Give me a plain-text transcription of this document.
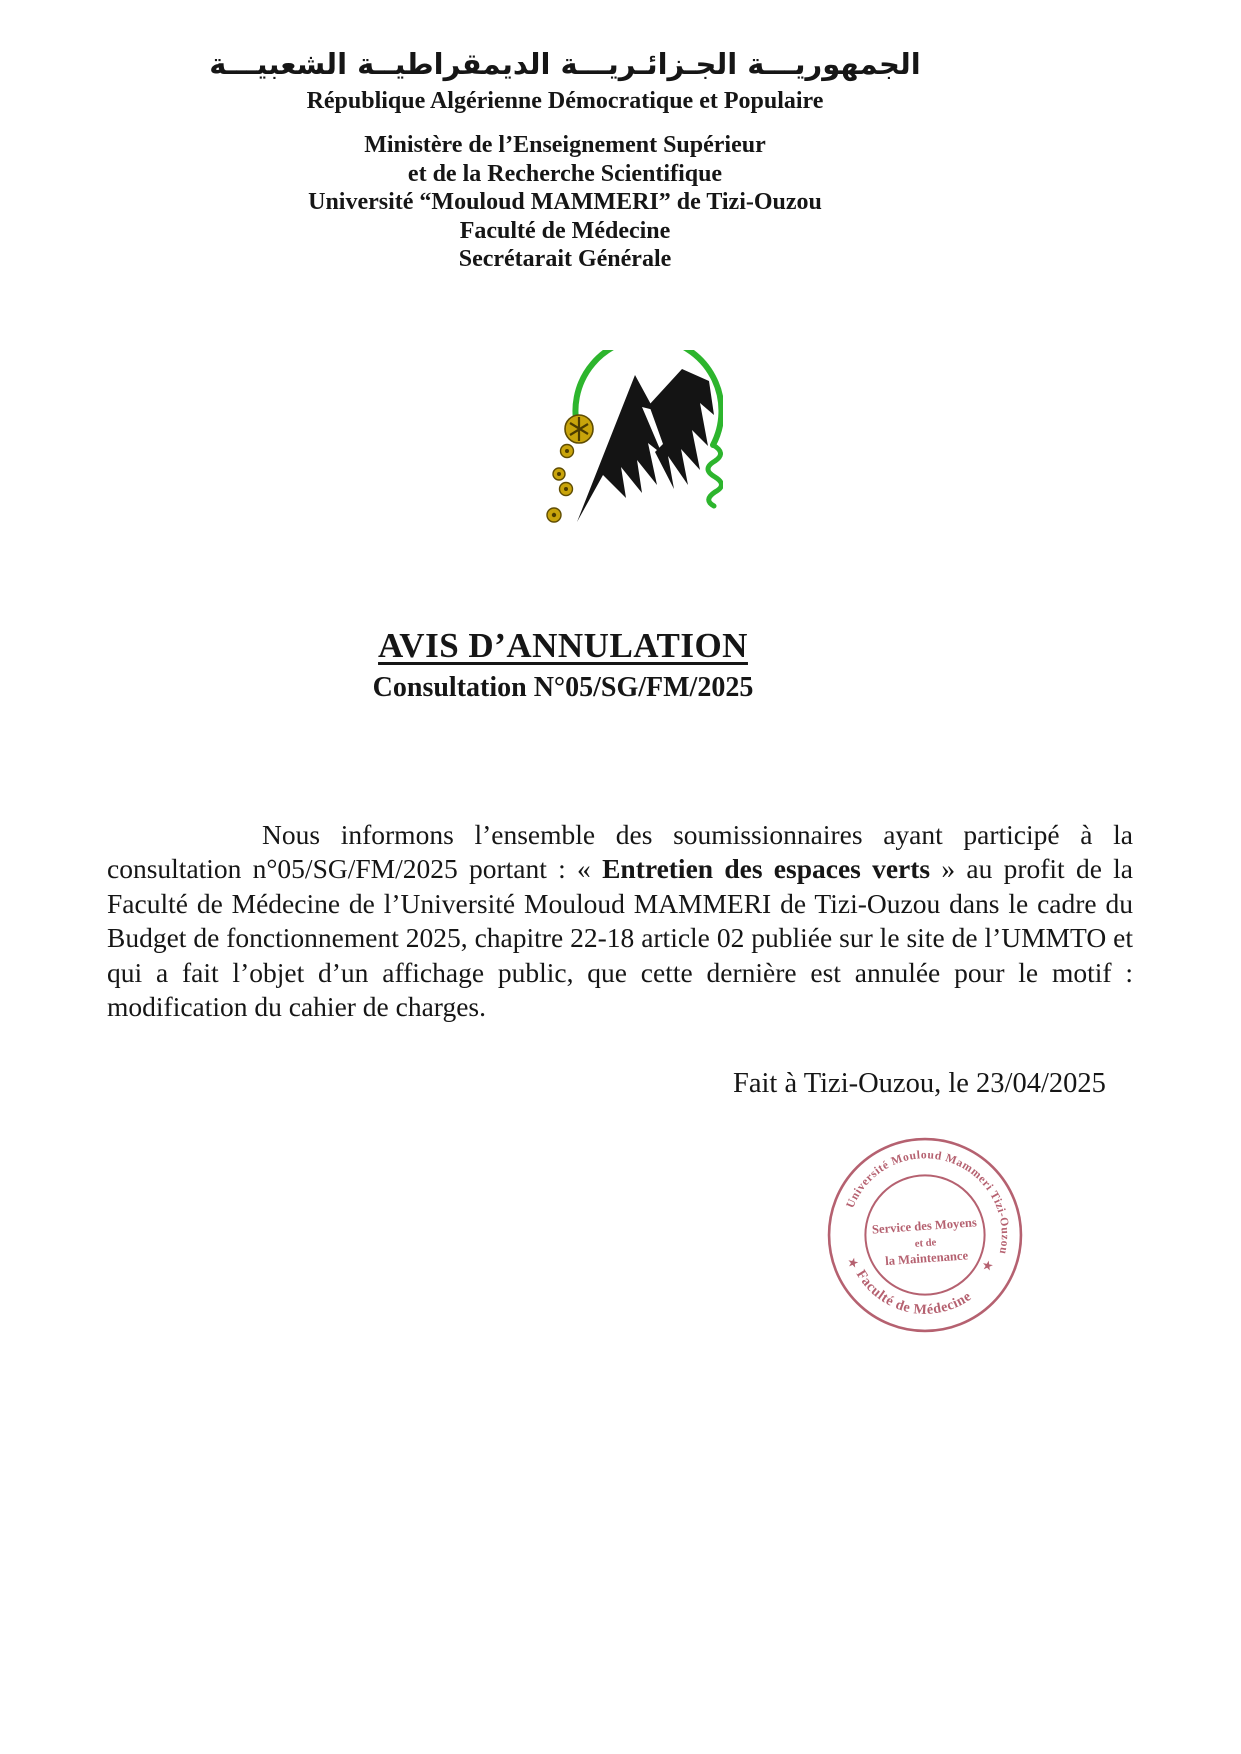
الجمهوريـــة الجـزائـريـــة الديمقراطيــة الشعبيـــة
République Algérienne Démocratique et Populaire
Ministère de l’Enseignement Supérieur
et de la Recherche Scientifique
Université “Mouloud MAMMERI” de Tizi-Ouzou
Faculté de Médecine
Secrétarait Générale
AVIS D’ANNULATION
Consultation N°05/SG/FM/2025

Nous informons l’ensemble des soumissionnaires ayant participé à la consultation n°05/SG/FM/2025 portant : « Entretien des espaces verts » au profit de la Faculté de Médecine de l’Université Mouloud MAMMERI de Tizi-Ouzou dans le cadre du Budget de fonctionnement 2025, chapitre 22-18 article 02 publiée sur le site de l’UMMTO et qui a fait l’objet d’un affichage public, que cette dernière est annulée pour le motif : modification du cahier de charges.

Fait à Tizi-Ouzou, le 23/04/2025
Université Mouloud Mammeri Tizi-Ouzou
Faculté de Médecine
★	★
Service des Moyens
et de
la Maintenance
